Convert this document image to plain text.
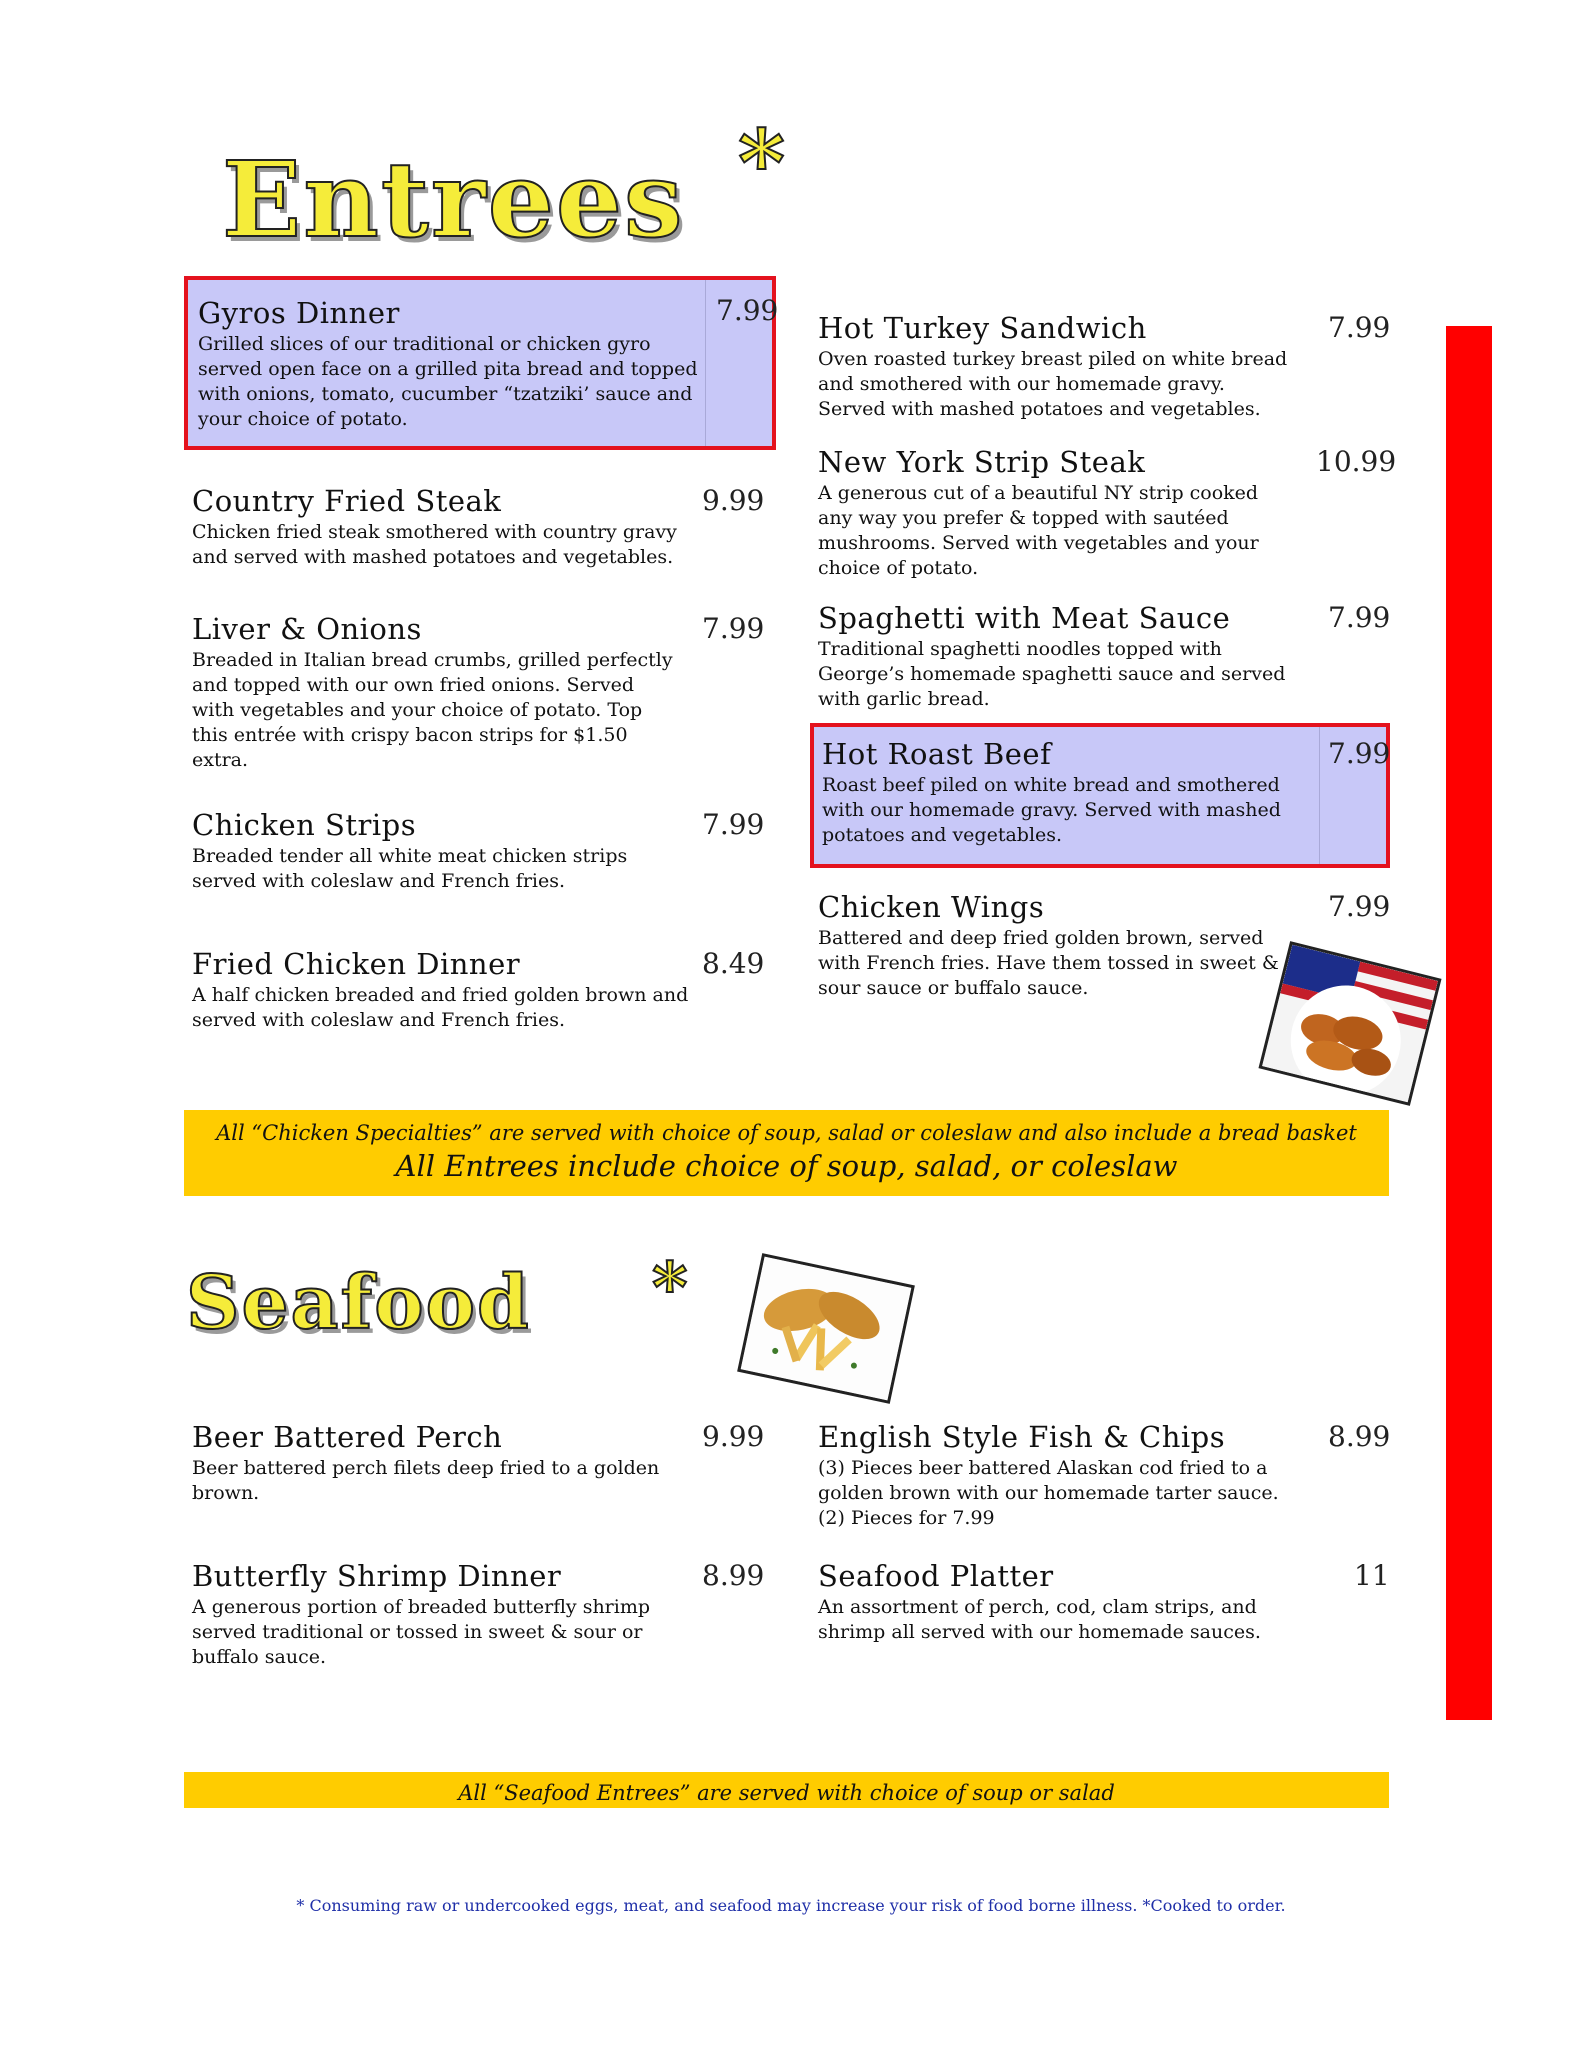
Entrees *
Gyros Dinner
Grilled slices of our traditional or chicken gyro served open face on a grilled pita bread and topped with onions, tomato, cucumber “tzatziki’ sauce and your choice of potato.
7.99
Country Fried Steak
Chicken fried steak smothered with country gravy and served with mashed potatoes and vegetables.
9.99
Liver & Onions
Breaded in Italian bread crumbs, grilled perfectly and topped with our own fried onions. Served with vegetables and your choice of potato. Top this entrée with crispy bacon strips for $1.50 extra.
7.99
Chicken Strips
Breaded tender all white meat chicken strips served with coleslaw and French fries.
7.99
Fried Chicken Dinner
A half chicken breaded and fried golden brown and served with coleslaw and French fries.
8.49
Hot Turkey Sandwich
Oven roasted turkey breast piled on white bread and smothered with our homemade gravy. Served with mashed potatoes and vegetables.
7.99
New York Strip Steak
A generous cut of a beautiful NY strip cooked any way you prefer & topped with sautéed mushrooms. Served with vegetables and your choice of potato.
10.99
Spaghetti with Meat Sauce
Traditional spaghetti noodles topped with George’s homemade spaghetti sauce and served with garlic bread.
7.99
Hot Roast Beef
Roast beef piled on white bread and smothered with our homemade gravy. Served with mashed potatoes and vegetables.
7.99
Chicken Wings
Battered and deep fried golden brown, served with French fries. Have them tossed in sweet & sour sauce or buffalo sauce.
7.99
All “Chicken Specialties” are served with choice of soup, salad or coleslaw and also include a bread basket
All Entrees include choice of soup, salad, or coleslaw
Seafood *
Beer Battered Perch
Beer battered perch filets deep fried to a golden brown.
9.99
Butterfly Shrimp Dinner
A generous portion of breaded butterfly shrimp served traditional or tossed in sweet & sour or buffalo sauce.
8.99
English Style Fish & Chips
(3) Pieces beer battered Alaskan cod fried to a golden brown with our homemade tarter sauce.
(2) Pieces for 7.99
8.99
Seafood Platter
An assortment of perch, cod, clam strips, and shrimp all served with our homemade sauces.
11
All “Seafood Entrees” are served with choice of soup or salad
* Consuming raw or undercooked eggs, meat, and seafood may increase your risk of food borne illness. *Cooked to order.
